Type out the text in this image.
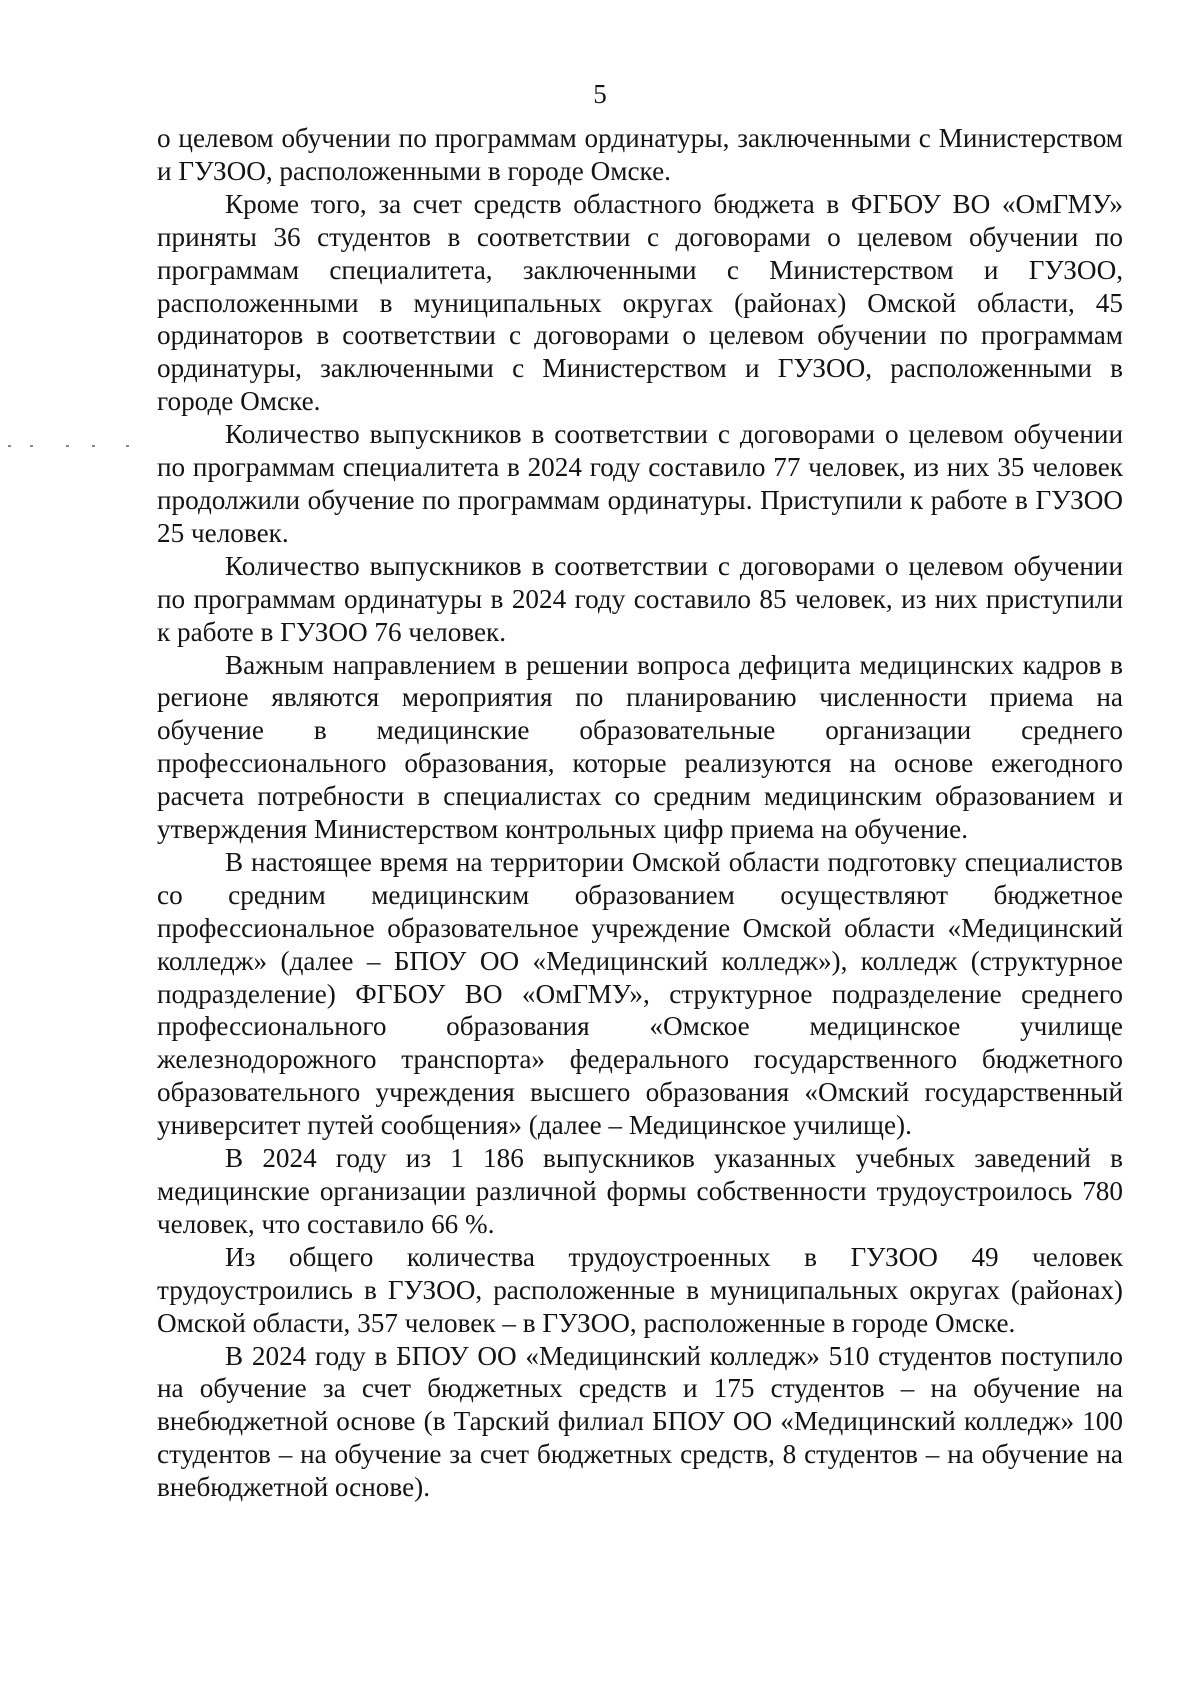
5

о целевом обучении по программам ординатуры, заключенными с Министерством и ГУЗОО, расположенными в городе Омске.

Кроме того, за счет средств областного бюджета в ФГБОУ ВО «ОмГМУ» приняты 36 студентов в соответствии с договорами о целевом обучении по программам специалитета, заключенными с Министерством и ГУЗОО, расположенными в муниципальных округах (районах) Омской области, 45 ординаторов в соответствии с договорами о целевом обучении по программам ординатуры, заключенными с Министерством и ГУЗОО, расположенными в городе Омске.

Количество выпускников в соответствии с договорами о целевом обучении по программам специалитета в 2024 году составило 77 человек, из них 35 человек продолжили обучение по программам ординатуры. Приступили к работе в ГУЗОО 25 человек.

Количество выпускников в соответствии с договорами о целевом обучении по программам ординатуры в 2024 году составило 85 человек, из них приступили к работе в ГУЗОО 76 человек.

Важным направлением в решении вопроса дефицита медицинских кадров в регионе являются мероприятия по планированию численности приема на обучение в медицинские образовательные организации среднего профессионального образования, которые реализуются на основе ежегодного расчета потребности в специалистах со средним медицинским образованием и утверждения Министерством контрольных цифр приема на обучение.

В настоящее время на территории Омской области подготовку специалистов со средним медицинским образованием осуществляют бюджетное профессиональное образовательное учреждение Омской области «Медицинский колледж» (далее – БПОУ ОО «Медицинский колледж»), колледж (структурное подразделение) ФГБОУ ВО «ОмГМУ», структурное подразделение среднего профессионального образования «Омское медицинское училище железнодорожного транспорта» федерального государственного бюджетного образовательного учреждения высшего образования «Омский государственный университет путей сообщения» (далее – Медицинское училище).

В 2024 году из 1 186 выпускников указанных учебных заведений в медицинские организации различной формы собственности трудоустроилось 780 человек, что составило 66 %.

Из общего количества трудоустроенных в ГУЗОО 49 человек трудоустроились в ГУЗОО, расположенные в муниципальных округах (районах) Омской области, 357 человек – в ГУЗОО, расположенные в городе Омске.

В 2024 году в БПОУ ОО «Медицинский колледж» 510 студентов поступило на обучение за счет бюджетных средств и 175 студентов – на обучение на внебюджетной основе (в Тарский филиал БПОУ ОО «Медицинский колледж» 100 студентов – на обучение за счет бюджетных средств, 8 студентов – на обучение на внебюджетной основе).
